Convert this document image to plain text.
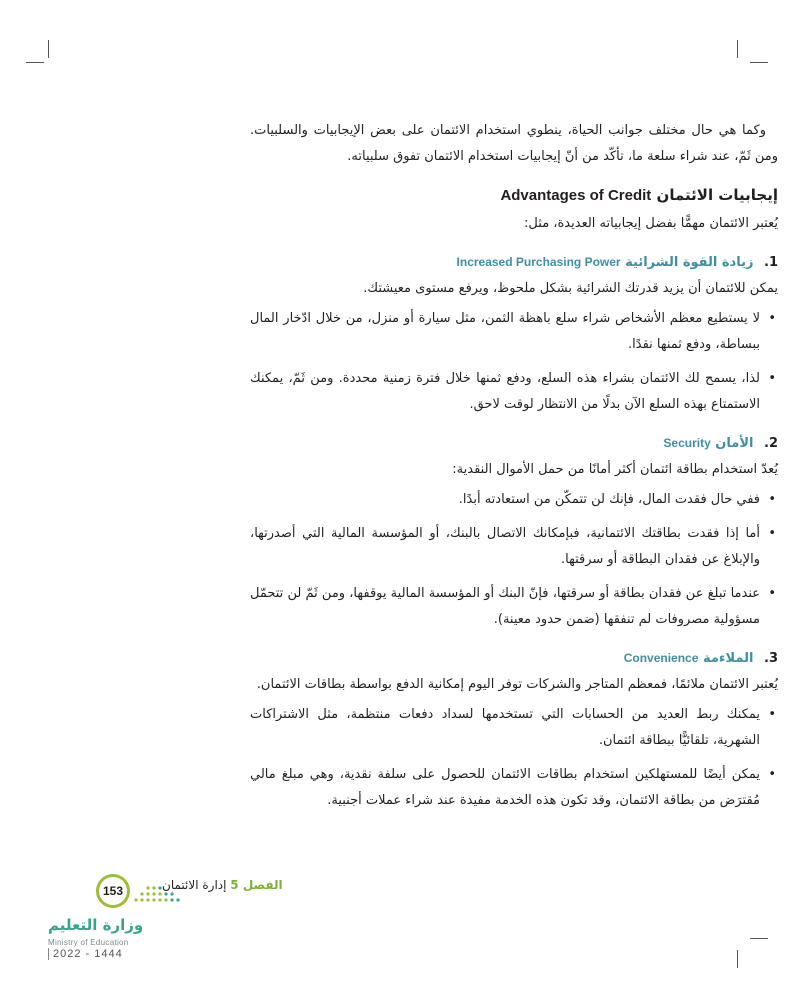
وكما هي حال مختلف جوانب الحياة، ينطوي استخدام الائتمان على بعض الإيجابيات والسلبيات. ومن ثَمّ، عند شراء سلعة ما، تأكّد من أنّ إيجابيات استخدام الائتمان تفوق سلبياته.

إيجابيات الائتمان Advantages of Credit

يُعتبر الائتمان مهمًّا بفضل إيجابياته العديدة، مثل:

1. زيادة القوة الشرائية Increased Purchasing Power

يمكن للائتمان أن يزيد قدرتك الشرائية بشكل ملحوظ، ويرفع مستوى معيشتك.

• لا يستطيع معظم الأشخاص شراء سلع باهظة الثمن، مثل سيارة أو منزل، من خلال ادّخار المال ببساطة، ودفع ثمنها نقدًا.
• لذا، يسمح لك الائتمان بشراء هذه السلع، ودفع ثمنها خلال فترة زمنية محددة. ومن ثَمّ، يمكنك الاستمتاع بهذه السلع الآن بدلًا من الانتظار لوقت لاحق.
2. الأمان Security

يُعدّ استخدام بطاقة ائتمان أكثر أمانًا من حمل الأموال النقدية:

• ففي حال فقدت المال، فإنك لن تتمكّن من استعادته أبدًا.
• أما إذا فقدت بطاقتك الائتمانية، فبإمكانك الاتصال بالبنك، أو المؤسسة المالية التي أصدرتها، والإبلاغ عن فقدان البطاقة أو سرقتها.
• عندما تبلغ عن فقدان بطاقة أو سرقتها، فإنّ البنك أو المؤسسة المالية يوقفها، ومن ثَمّ لن تتحمّل مسؤولية مصروفات لم تنفقها (ضمن حدود معينة).
3. الملاءمة Convenience

يُعتبر الائتمان ملائمًا، فمعظم المتاجر والشركات توفر اليوم إمكانية الدفع بواسطة بطاقات الائتمان.

• يمكنك ربط العديد من الحسابات التي تستخدمها لسداد دفعات منتظمة، مثل الاشتراكات الشهرية، تلقائيًّا ببطاقة ائتمان.
• يمكن أيضًا للمستهلكين استخدام بطاقات الائتمان للحصول على سلفة نقدية، وهي مبلغ مالي مُقترَض من بطاقة الائتمان، وقد تكون هذه الخدمة مفيدة عند شراء عملات أجنبية.
153	الفصل 5 إدارة الائتمان
وزارة التعليم
Ministry of Education
2022 - 1444
